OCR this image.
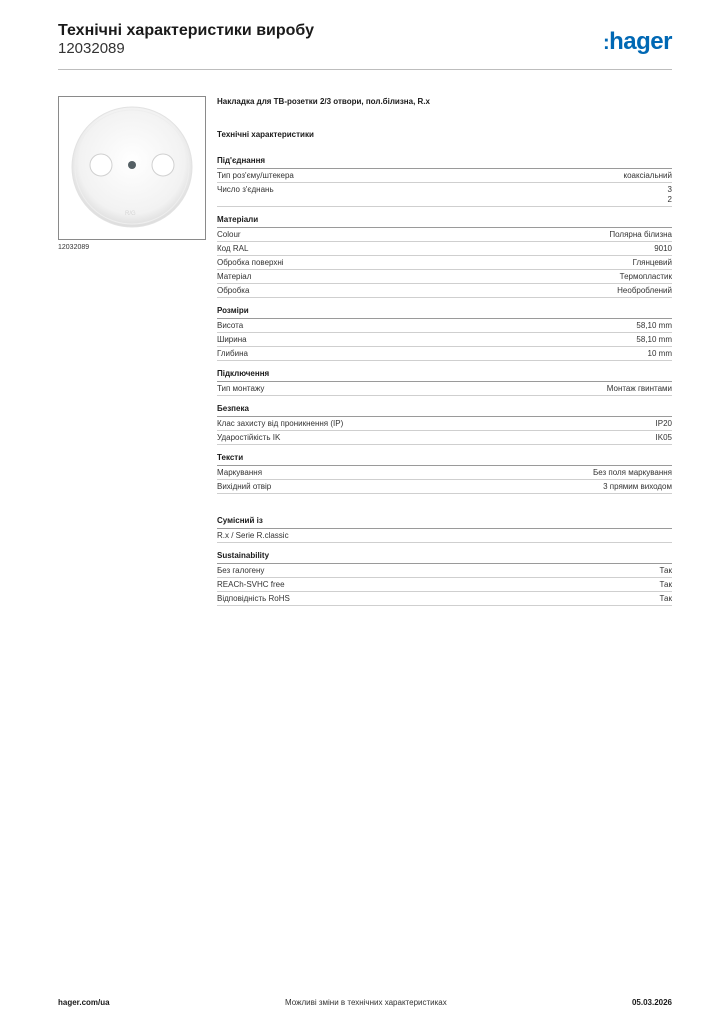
Технічні характеристики виробу
12032089	:hager
R/G
12032089
Накладка для ТВ-розетки 2/3 отвори, пол.білизна, R.x
Технічні характеристики
Під'єднання
Тип роз'єму/штекера	коаксіальний
Число з'єднань	3
2
Матеріали
Colour	Полярна білизна
Код RAL	9010
Обробка поверхні	Глянцевий
Матеріал	Термопластик
Обробка	Необроблений
Розміри
Висота	58,10 mm
Ширина	58,10 mm
Глибина	10 mm
Підключення
Тип монтажу	Монтаж гвинтами
Безпека
Клас захисту від проникнення (IP)	IP20
Ударостійкість IK	IK05
Тексти
Маркування	Без поля маркування
Вихідний отвір	3 прямим виходом
Сумісний із
R.x / Serie R.classic
Sustainability
Без галогену	Так
REACh-SVHC free	Так
Відповідність RoHS	Так
hager.com/ua	Можливі зміни в технічних характеристиках	05.03.2026
